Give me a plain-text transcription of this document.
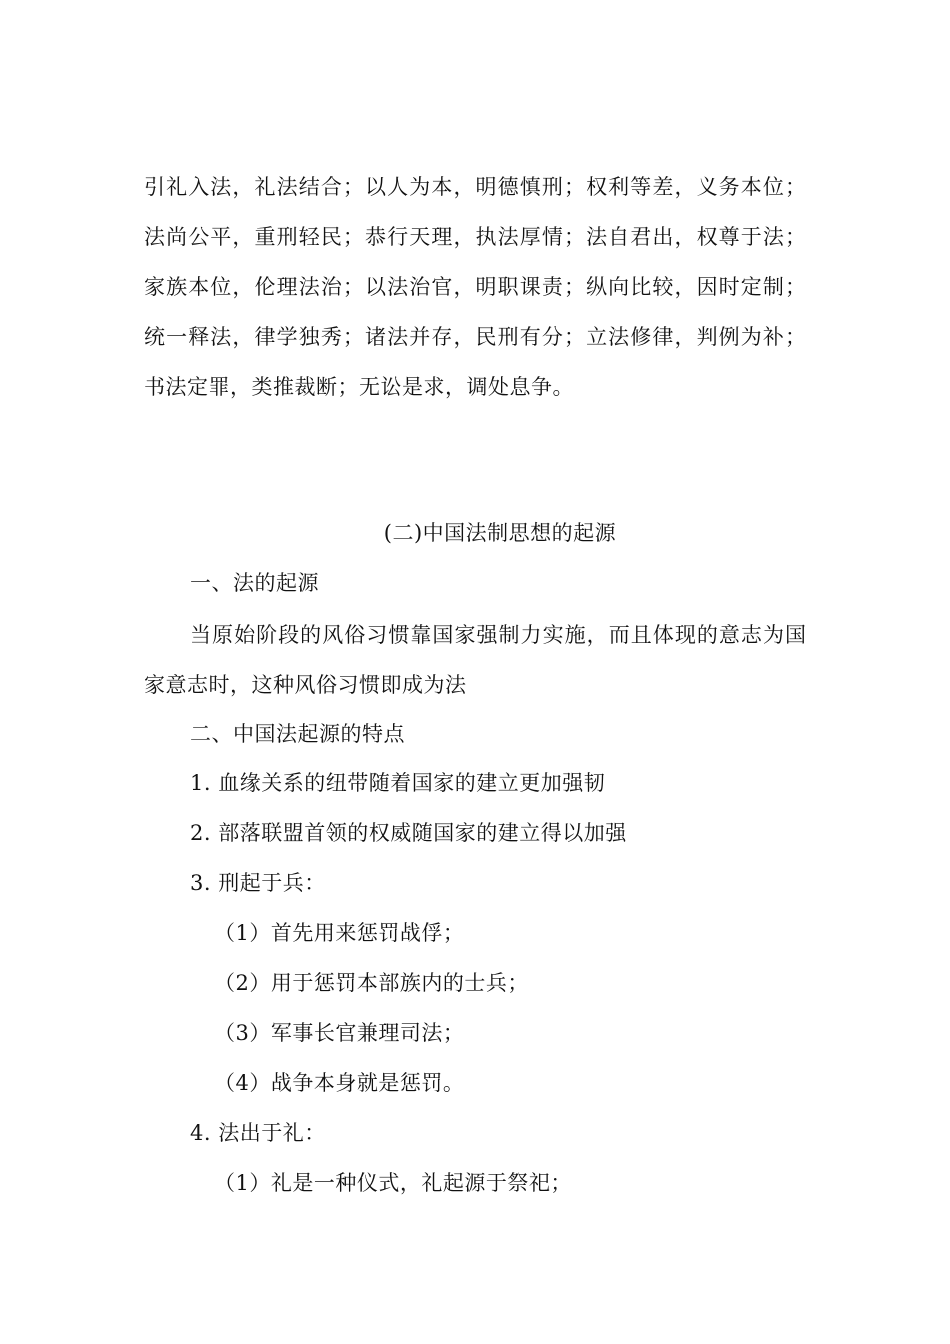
引礼入法，礼法结合；以人为本，明德慎刑；权利等差，义务本位；
法尚公平，重刑轻民；恭行天理，执法厚情；法自君出，权尊于法；
家族本位，伦理法治；以法治官，明职课责；纵向比较，因时定制；
统一释法，律学独秀；诸法并存，民刑有分；立法修律，判例为补；
书法定罪，类推裁断；无讼是求，调处息争。
(二)中国法制思想的起源
一、法的起源
当原始阶段的风俗习惯靠国家强制力实施，而且体现的意志为国
家意志时，这种风俗习惯即成为法
二、中国法起源的特点
1. 血缘关系的纽带随着国家的建立更加强韧
2. 部落联盟首领的权威随国家的建立得以加强
3. 刑起于兵：
（1）首先用来惩罚战俘；
（2）用于惩罚本部族内的士兵；
（3）军事长官兼理司法；
（4）战争本身就是惩罚。
4. 法出于礼：
（1）礼是一种仪式，礼起源于祭祀；
